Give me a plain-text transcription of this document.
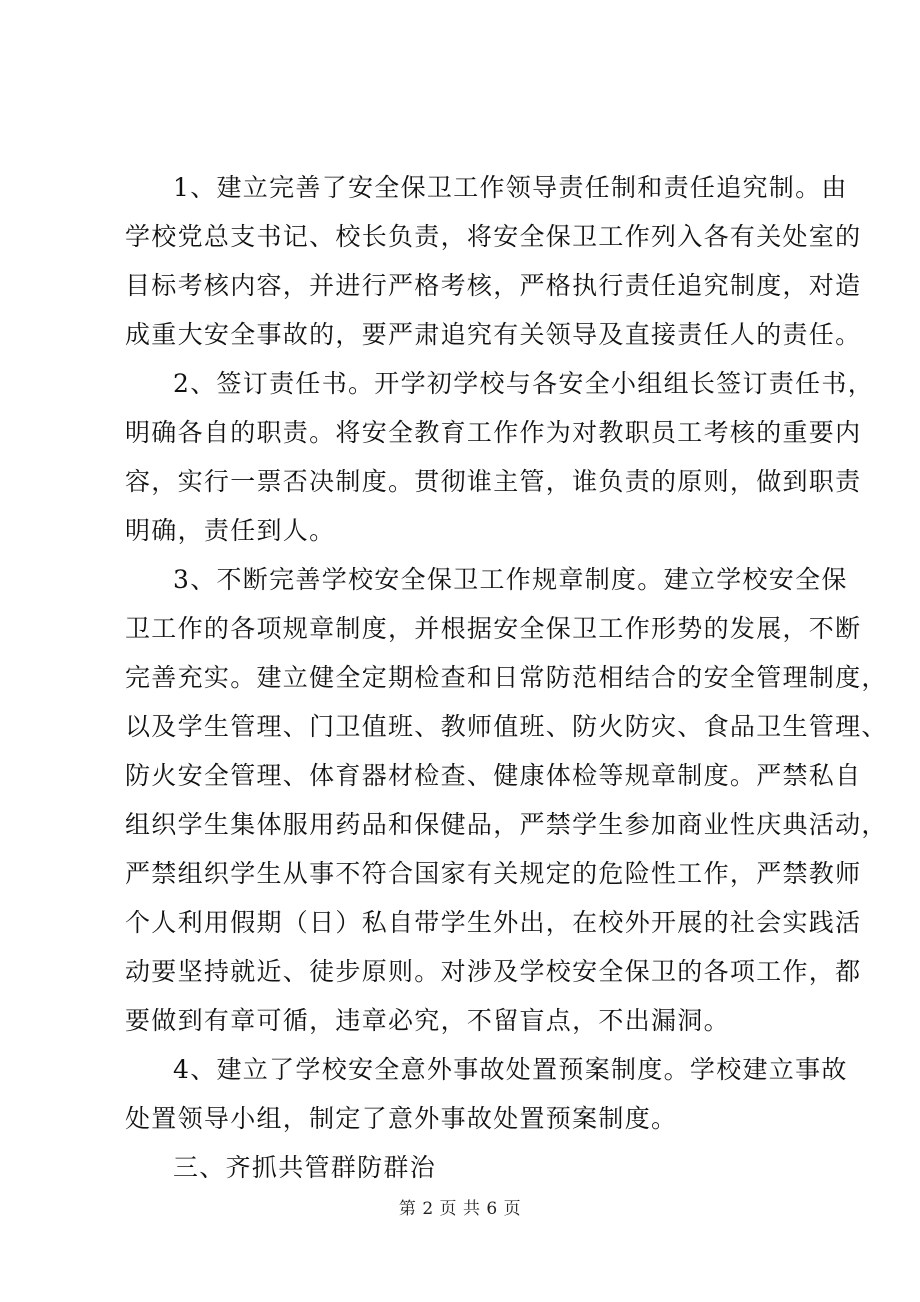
1、建立完善了安全保卫工作领导责任制和责任追究制。由
学校党总支书记、校长负责，将安全保卫工作列入各有关处室的
目标考核内容，并进行严格考核，严格执行责任追究制度，对造
成重大安全事故的，要严肃追究有关领导及直接责任人的责任。
2、签订责任书。开学初学校与各安全小组组长签订责任书，
明确各自的职责。将安全教育工作作为对教职员工考核的重要内
容，实行一票否决制度。贯彻谁主管，谁负责的原则，做到职责
明确，责任到人。
3、不断完善学校安全保卫工作规章制度。建立学校安全保
卫工作的各项规章制度，并根据安全保卫工作形势的发展，不断
完善充实。建立健全定期检查和日常防范相结合的安全管理制度，
以及学生管理、门卫值班、教师值班、防火防灾、食品卫生管理、
防火安全管理、体育器材检查、健康体检等规章制度。严禁私自
组织学生集体服用药品和保健品，严禁学生参加商业性庆典活动，
严禁组织学生从事不符合国家有关规定的危险性工作，严禁教师
个人利用假期（日）私自带学生外出，在校外开展的社会实践活
动要坚持就近、徒步原则。对涉及学校安全保卫的各项工作，都
要做到有章可循，违章必究，不留盲点，不出漏洞。
4、建立了学校安全意外事故处置预案制度。学校建立事故
处置领导小组，制定了意外事故处置预案制度。
三、齐抓共管群防群治
第 2 页 共 6 页
